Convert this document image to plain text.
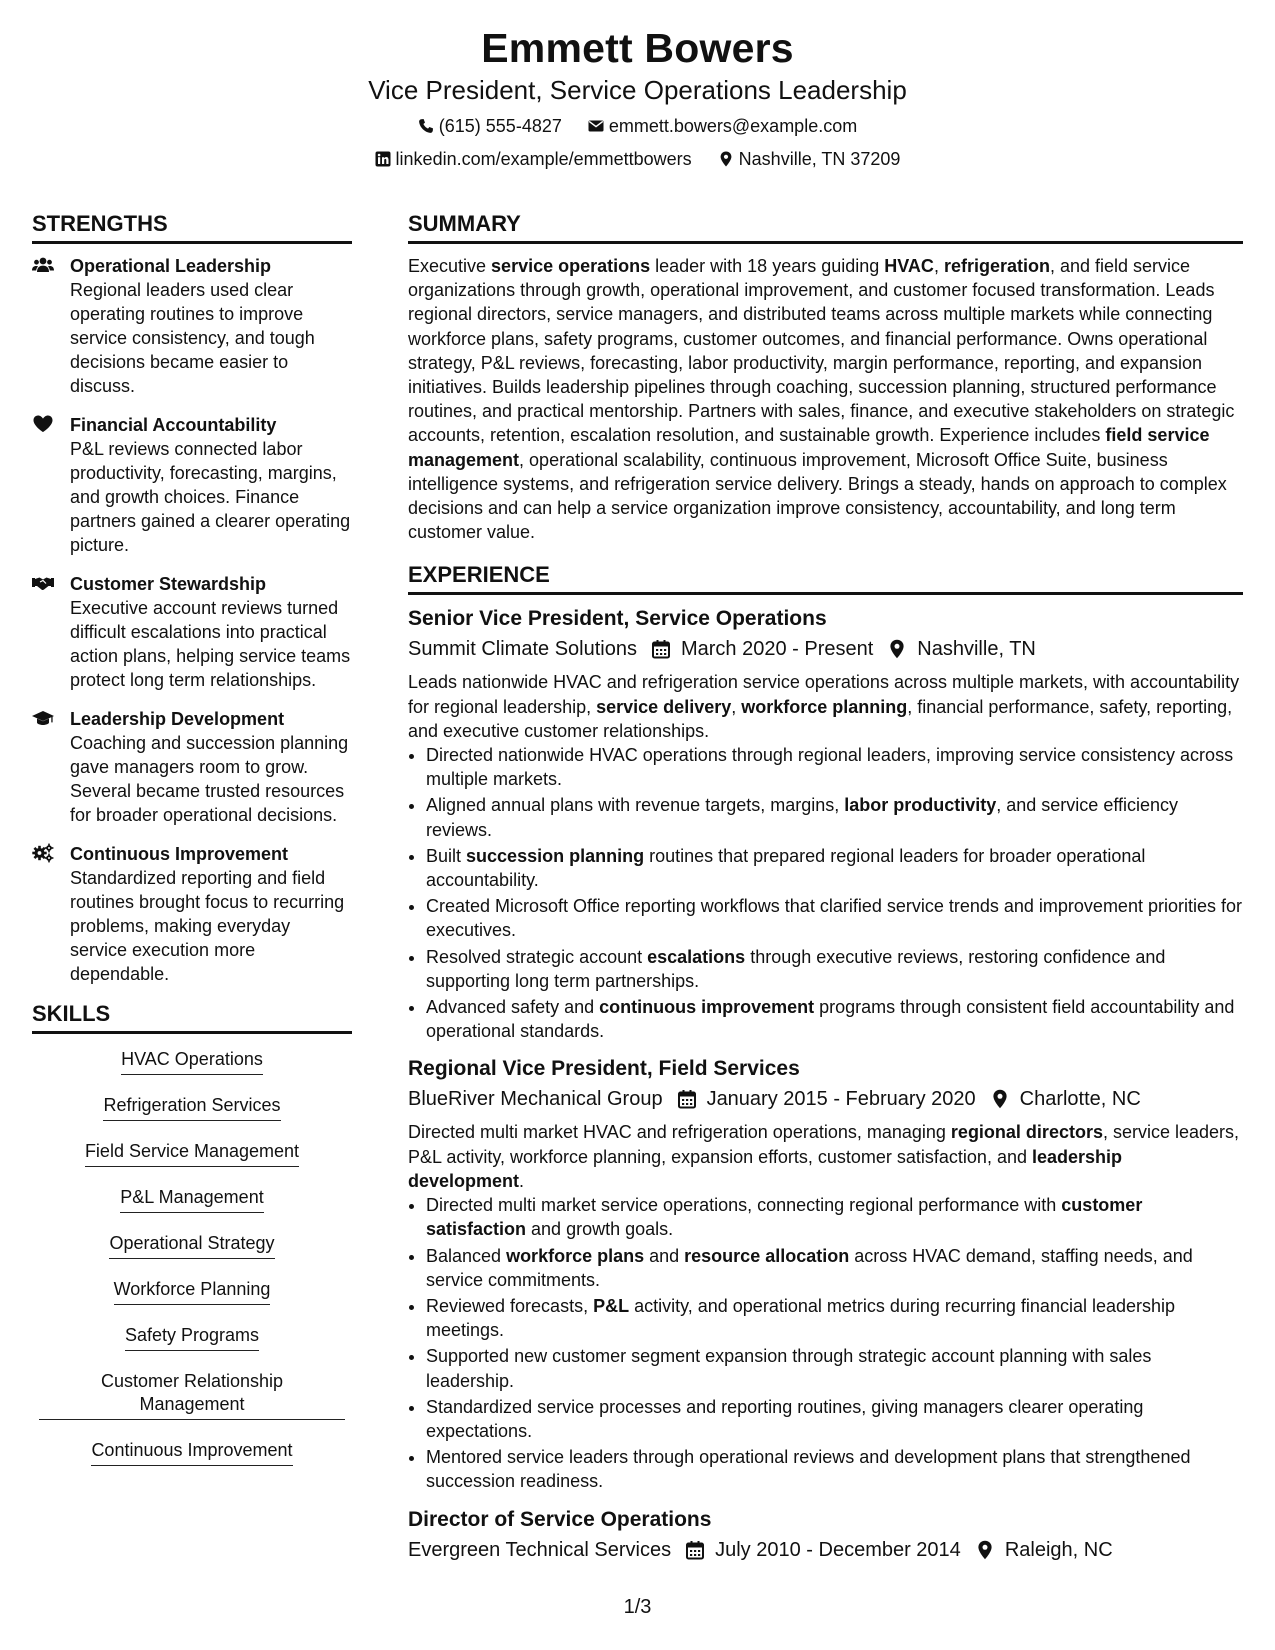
Emmett Bowers
Vice President, Service Operations Leadership
(615) 555-4827	emmett.bowers@example.com
linkedin.com/example/emmettbowers	Nashville, TN 37209
STRENGTHS
Operational Leadership
Regional leaders used clear operating routines to improve service consistency, and tough decisions became easier to discuss.
Financial Accountability
P&L reviews connected labor productivity, forecasting, margins, and growth choices. Finance partners gained a clearer operating picture.
Customer Stewardship
Executive account reviews turned difficult escalations into practical action plans, helping service teams protect long term relationships.
Leadership Development
Coaching and succession planning gave managers room to grow. Several became trusted resources for broader operational decisions.
Continuous Improvement
Standardized reporting and field routines brought focus to recurring problems, making everyday service execution more dependable.
SKILLS
HVAC Operations
Refrigeration Services
Field Service Management
P&L Management
Operational Strategy
Workforce Planning
Safety Programs
Customer Relationship
Management
Continuous Improvement
SUMMARY
Executive service operations leader with 18 years guiding HVAC, refrigeration, and field service organizations through growth, operational improvement, and customer focused transformation. Leads regional directors, service managers, and distributed teams across multiple markets while connecting workforce plans, safety programs, customer outcomes, and financial performance. Owns operational strategy, P&L reviews, forecasting, labor productivity, margin performance, reporting, and expansion initiatives. Builds leadership pipelines through coaching, succession planning, structured performance routines, and practical mentorship. Partners with sales, finance, and executive stakeholders on strategic accounts, retention, escalation resolution, and sustainable growth. Experience includes field service management, operational scalability, continuous improvement, Microsoft Office Suite, business intelligence systems, and refrigeration service delivery. Brings a steady, hands on approach to complex decisions and can help a service organization improve consistency, accountability, and long term customer value.
EXPERIENCE
Senior Vice President, Service Operations
Summit Climate Solutions March 2020 - Present Nashville, TN
Leads nationwide HVAC and refrigeration service operations across multiple markets, with accountability for regional leadership, service delivery, workforce planning, financial performance, safety, reporting, and executive customer relationships.
• Directed nationwide HVAC operations through regional leaders, improving service consistency across multiple markets.
• Aligned annual plans with revenue targets, margins, labor productivity, and service efficiency reviews.
• Built succession planning routines that prepared regional leaders for broader operational accountability.
• Created Microsoft Office reporting workflows that clarified service trends and improvement priorities for executives.
• Resolved strategic account escalations through executive reviews, restoring confidence and supporting long term partnerships.
• Advanced safety and continuous improvement programs through consistent field accountability and operational standards.
Regional Vice President, Field Services
BlueRiver Mechanical Group January 2015 - February 2020 Charlotte, NC
Directed multi market HVAC and refrigeration operations, managing regional directors, service leaders, P&L activity, workforce planning, expansion efforts, customer satisfaction, and leadership development.
• Directed multi market service operations, connecting regional performance with customer satisfaction and growth goals.
• Balanced workforce plans and resource allocation across HVAC demand, staffing needs, and service commitments.
• Reviewed forecasts, P&L activity, and operational metrics during recurring financial leadership meetings.
• Supported new customer segment expansion through strategic account planning with sales leadership.
• Standardized service processes and reporting routines, giving managers clearer operating expectations.
• Mentored service leaders through operational reviews and development plans that strengthened succession readiness.
Director of Service Operations
Evergreen Technical Services July 2010 - December 2014 Raleigh, NC
1/3
